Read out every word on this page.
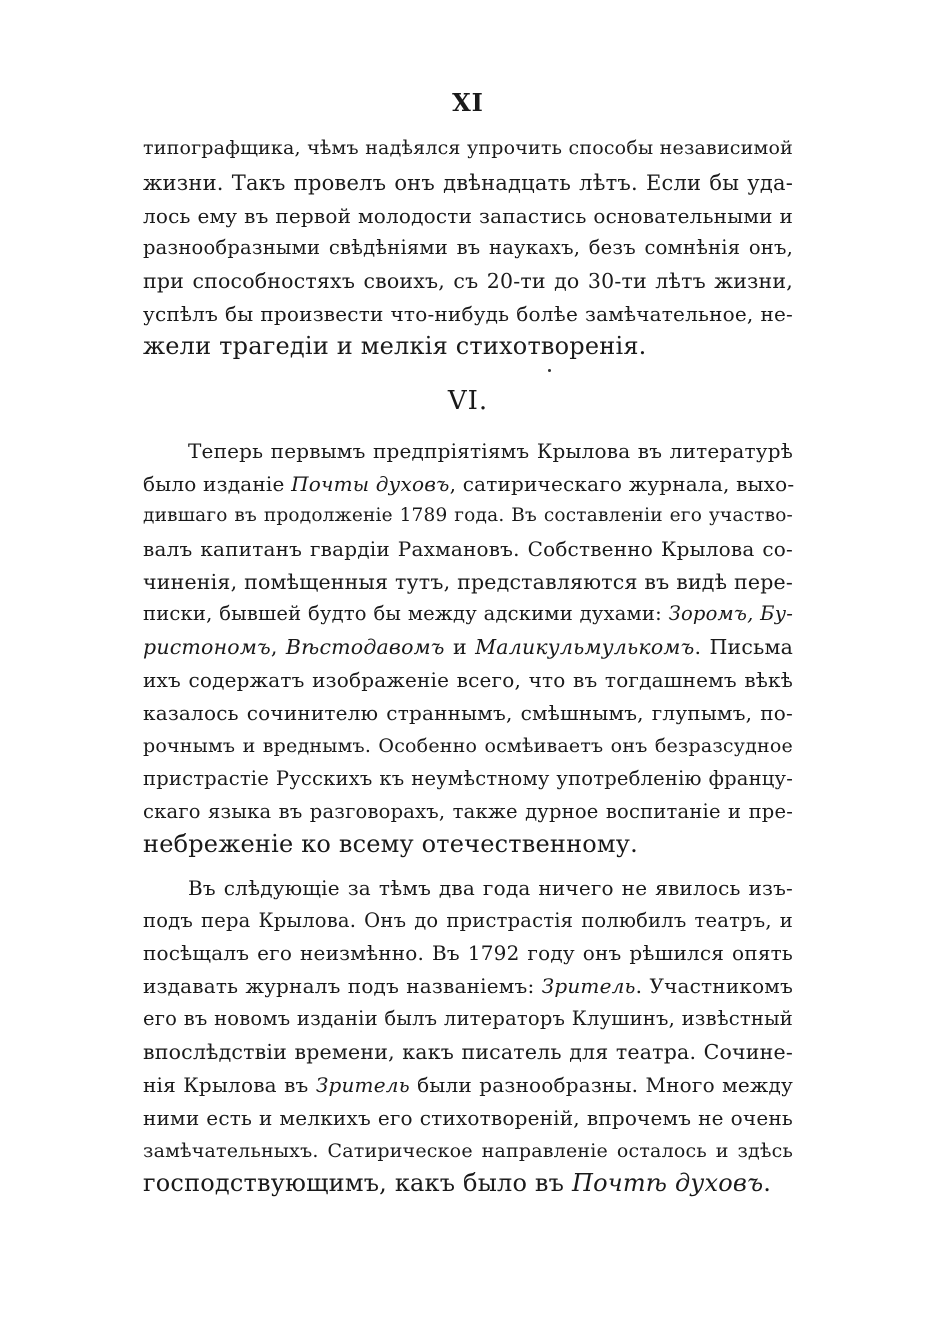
XI
типографщика, чѣмъ надѣялся упрочить способы независимой
жизни. Такъ провелъ онъ двѣнадцать лѣтъ. Если бы уда-
лось ему въ первой молодости запастись основательными и
разнообразными свѣдѣніями въ наукахъ, безъ сомнѣнія онъ,
при способностяхъ своихъ, съ 20-ти до 30-ти лѣтъ жизни,
успѣлъ бы произвести что-нибудь болѣе замѣчательное, не-
жели трагедіи и мелкія стихотворенія.
VI.
Теперь первымъ предпріятіямъ Крылова въ литературѣ
было изданіе Почты духовъ, сатирическаго журнала, выхо-
дившаго въ продолженіе 1789 года. Въ составленіи его участво-
валъ капитанъ гвардіи Рахмановъ. Собственно Крылова со-
чиненія, помѣщенныя тутъ, представляются въ видѣ пере-
писки, бывшей будто бы между адскими духами: Зоромъ, Бу-
ристономъ, Вѣстодавомъ и Маликульмулькомъ. Письма
ихъ содержатъ изображеніе всего, что въ тогдашнемъ вѣкѣ
казалось сочинителю страннымъ, смѣшнымъ, глупымъ, по-
рочнымъ и вреднымъ. Особенно осмѣиваетъ онъ безразсудное
пристрастіе Русскихъ къ неумѣстному употребленію францу-
скаго языка въ разговорахъ, также дурное воспитаніе и пре-
небреженіе ко всему отечественному.
Въ слѣдующіе за тѣмъ два года ничего не явилось изъ-
подъ пера Крылова. Онъ до пристрастія полюбилъ театръ, и
посѣщалъ его неизмѣнно. Въ 1792 году онъ рѣшился опять
издавать журналъ подъ названіемъ: Зритель. Участникомъ
его въ новомъ изданіи былъ литераторъ Клушинъ, извѣстный
впослѣдствіи времени, какъ писатель для театра. Сочине-
нія Крылова въ Зритель были разнообразны. Много между
ними есть и мелкихъ его стихотвореній, впрочемъ не очень
замѣчательныхъ. Сатирическое направленіе осталось и здѣсь
господствующимъ, какъ было въ Почтѣ духовъ.
